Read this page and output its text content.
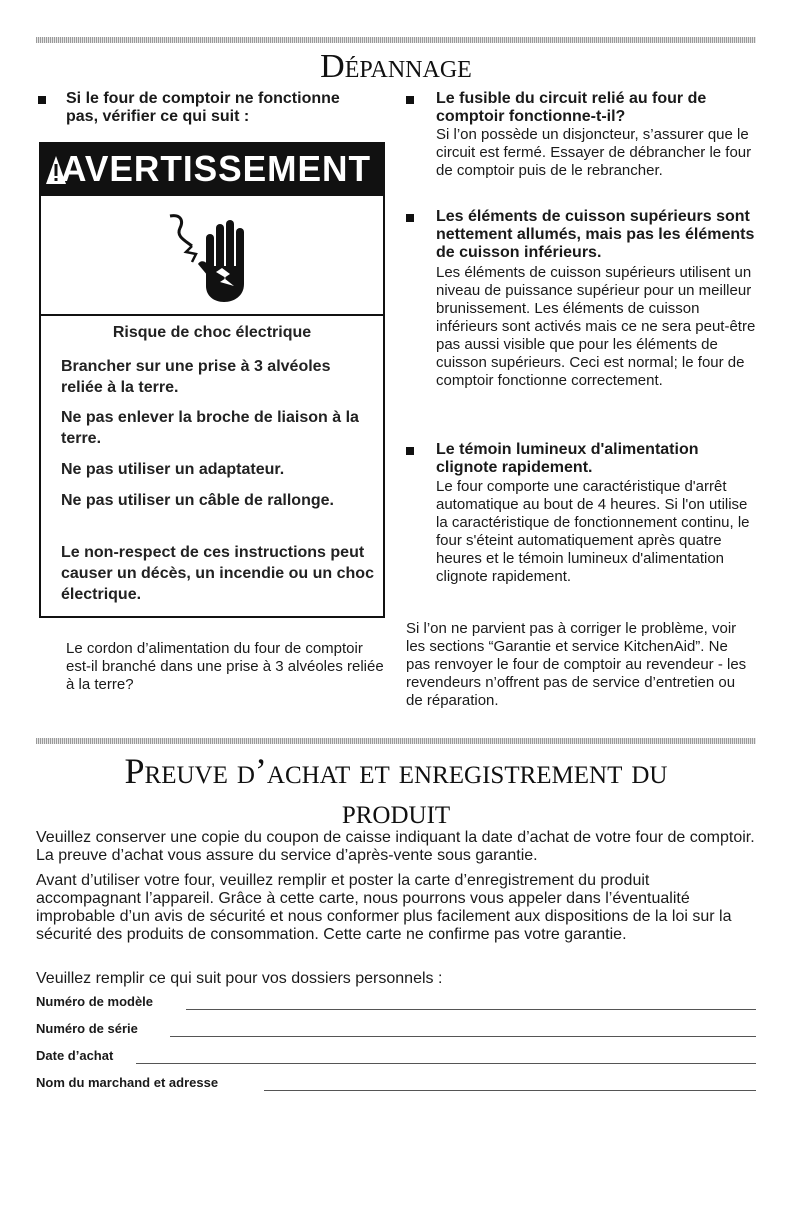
Dépannage
Si le four de comptoir ne fonctionne pas, vérifier ce qui suit :
AVERTISSEMENT
Risque de choc électrique
Brancher sur une prise à 3 alvéoles reliée à la terre.
Ne pas enlever la broche de liaison à la terre.
Ne pas utiliser un adaptateur.
Ne pas utiliser un câble de rallonge.
Le non-respect de ces instructions peut causer un décès, un incendie ou un choc électrique.
Le cordon d’alimentation du four de comptoir est-il branché dans une prise à 3 alvéoles reliée à la terre?
Le fusible du circuit relié au four de comptoir fonctionne-t-il?
Si l’on possède un disjoncteur, s’assurer que le circuit est fermé. Essayer de débrancher le four de comptoir puis de le rebrancher.
Les éléments de cuisson supérieurs sont nettement allumés, mais pas les éléments de cuisson inférieurs.
Les éléments de cuisson supérieurs utilisent un niveau de puissance supérieur pour un meilleur brunissement. Les éléments de cuisson inférieurs sont activés mais ce ne sera peut-être pas aussi visible que pour les éléments de cuisson supérieurs. Ceci est normal; le four de comptoir fonctionne correctement.
Le témoin lumineux d'alimentation clignote rapidement.
Le four comporte une caractéristique d'arrêt automatique au bout de 4 heures. Si l'on utilise la caractéristique de fonctionnement continu, le four s'éteint automatiquement après quatre heures et le témoin lumineux d'alimentation clignote rapidement.
Si l’on ne parvient pas à corriger le problème, voir les sections “Garantie et service KitchenAid”. Ne pas renvoyer le four de comptoir au revendeur - les revendeurs n’offrent pas de service d’entretien ou de réparation.
Preuve d’achat et enregistrement du
produit
Veuillez conserver une copie du coupon de caisse indiquant la date d’achat de votre four de comptoir. La preuve d’achat vous assure du service d’après-vente sous garantie.
Avant d’utiliser votre four, veuillez remplir et poster la carte d’enregistrement du produit accompagnant l’appareil. Grâce à cette carte, nous pourrons vous appeler dans l’éventualité improbable d’un avis de sécurité et nous conformer plus facilement aux dispositions de la loi sur la sécurité des produits de consommation. Cette carte ne confirme pas votre garantie.
Veuillez remplir ce qui suit pour vos dossiers personnels :
Numéro de modèle
Numéro de série
Date d’achat
Nom du marchand et adresse
